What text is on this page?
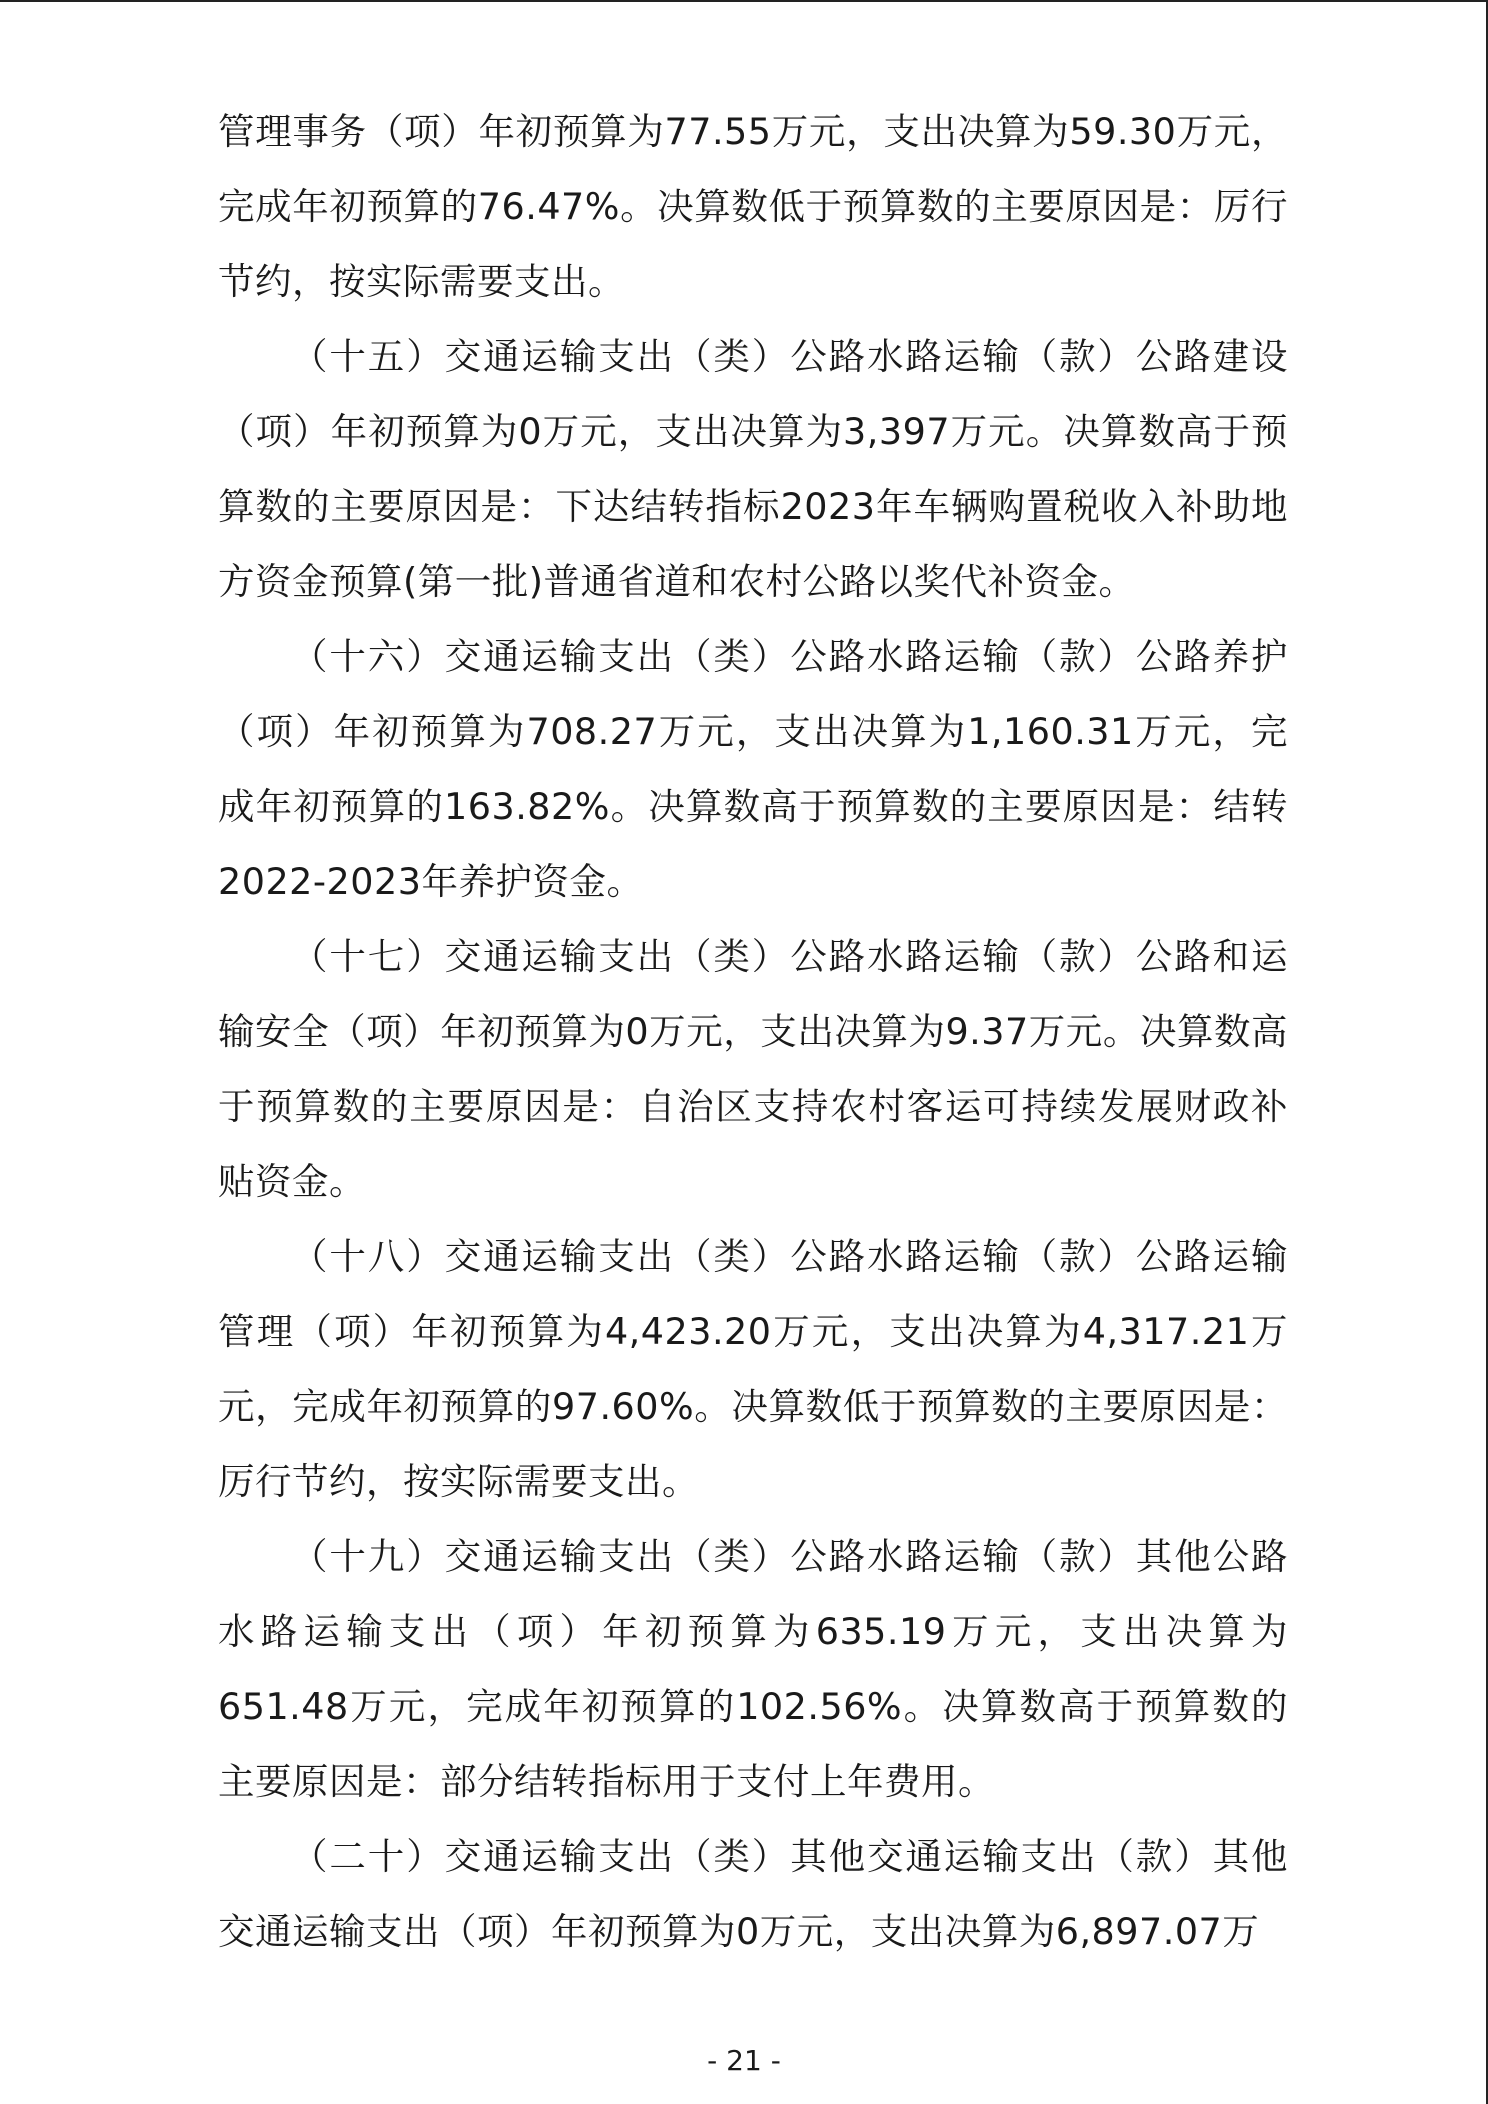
管理事务（项）年初预算为77.55万元，支出决算为59.30万元，完成年初预算的76.47%。决算数低于预算数的主要原因是：厉行节约，按实际需要支出。

（十五）交通运输支出（类）公路水路运输（款）公路建设（项）年初预算为0万元，支出决算为3,397万元。决算数高于预算数的主要原因是：下达结转指标2023年车辆购置税收入补助地方资金预算(第一批)普通省道和农村公路以奖代补资金。

（十六）交通运输支出（类）公路水路运输（款）公路养护（项）年初预算为708.27万元，支出决算为1,160.31万元，完成年初预算的163.82%。决算数高于预算数的主要原因是：结转2022-2023年养护资金。

（十七）交通运输支出（类）公路水路运输（款）公路和运输安全（项）年初预算为0万元，支出决算为9.37万元。决算数高于预算数的主要原因是：自治区支持农村客运可持续发展财政补贴资金。

（十八）交通运输支出（类）公路水路运输（款）公路运输管理（项）年初预算为4,423.20万元，支出决算为4,317.21万元，完成年初预算的97.60%。决算数低于预算数的主要原因是：厉行节约，按实际需要支出。

（十九）交通运输支出（类）公路水路运输（款）其他公路水路运输支出（项）年初预算为635.19万元，支出决算为651.48万元，完成年初预算的102.56%。决算数高于预算数的主要原因是：部分结转指标用于支付上年费用。

（二十）交通运输支出（类）其他交通运输支出（款）其他交通运输支出（项）年初预算为0万元，支出决算为6,897.07万

- 21 -
